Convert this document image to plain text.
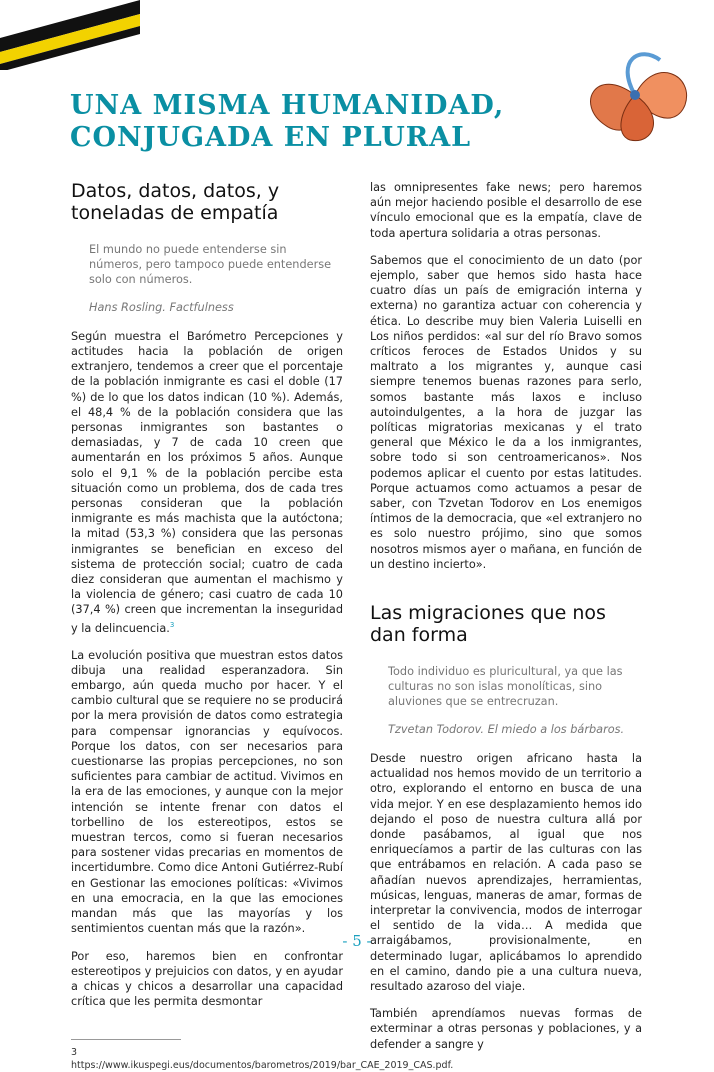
UNA MISMA HUMANIDAD, CONJUGADA EN PLURAL
Datos, datos, datos, y toneladas de empatía
El mundo no puede entenderse sin números, pero tampoco puede entenderse solo con números.
Hans Rosling. Factfulness

Según muestra el Barómetro Percepciones y actitudes hacia la población de origen extranjero, tendemos a creer que el porcentaje de la población inmigrante es casi el doble (17 %) de lo que los datos indican (10 %). Además, el 48,4 % de la población considera que las personas inmigrantes son bastantes o demasiadas, y 7 de cada 10 creen que aumentarán en los próximos 5 años. Aunque solo el 9,1 % de la población percibe esta situación como un problema, dos de cada tres personas consideran que la población inmigrante es más machista que la autóctona; la mitad (53,3 %) considera que las personas inmigrantes se benefician en exceso del sistema de protección social; cuatro de cada diez consideran que aumentan el machismo y la violencia de género; casi cuatro de cada 10 (37,4 %) creen que incrementan la inseguridad y la delincuencia.$^3$

La evolución positiva que muestran estos datos dibuja una realidad esperanzadora. Sin embargo, aún queda mucho por hacer. Y el cambio cultural que se requiere no se producirá por la mera provisión de datos como estrategia para compensar ignorancias y equívocos. Porque los datos, con ser necesarios para cuestionarse las propias percepciones, no son suficientes para cambiar de actitud. Vivimos en la era de las emociones, y aunque con la mejor intención se intente frenar con datos el torbellino de los estereotipos, estos se muestran tercos, como si fueran necesarios para sostener vidas precarias en momentos de incertidumbre. Como dice Antoni Gutiérrez-Rubí en Gestionar las emociones políticas: «Vivimos en una emocracia, en la que las emociones mandan más que las mayorías y los sentimientos cuentan más que la razón».

Por eso, haremos bien en confrontar estereotipos y prejuicios con datos, y en ayudar a chicas y chicos a desarrollar una capacidad crítica que les permita desmontar

3 https://www.ikuspegi.eus/documentos/barometros/2019/bar_CAE_2019_CAS.pdf.

las omnipresentes fake news; pero haremos aún mejor haciendo posible el desarrollo de ese vínculo emocional que es la empatía, clave de toda apertura solidaria a otras personas.

Sabemos que el conocimiento de un dato (por ejemplo, saber que hemos sido hasta hace cuatro días un país de emigración interna y externa) no garantiza actuar con coherencia y ética. Lo describe muy bien Valeria Luiselli en Los niños perdidos: «al sur del río Bravo somos críticos feroces de Estados Unidos y su maltrato a los migrantes y, aunque casi siempre tenemos buenas razones para serlo, somos bastante más laxos e incluso autoindulgentes, a la hora de juzgar las políticas migratorias mexicanas y el trato general que México le da a los inmigrantes, sobre todo si son centroamericanos». Nos podemos aplicar el cuento por estas latitudes. Porque actuamos como actuamos a pesar de saber, con Tzvetan Todorov en Los enemigos íntimos de la democracia, que «el extranjero no es solo nuestro prójimo, sino que somos nosotros mismos ayer o mañana, en función de un destino incierto».

Las migraciones que nos dan forma
Todo individuo es pluricultural, ya que las culturas no son islas monolíticas, sino aluviones que se entrecruzan.
Tzvetan Todorov. El miedo a los bárbaros.

Desde nuestro origen africano hasta la actualidad nos hemos movido de un territorio a otro, explorando el entorno en busca de una vida mejor. Y en ese desplazamiento hemos ido dejando el poso de nuestra cultura allá por donde pasábamos, al igual que nos enriquecíamos a partir de las culturas con las que entrábamos en relación. A cada paso se añadían nuevos aprendizajes, herramientas, músicas, lenguas, maneras de amar, formas de interpretar la convivencia, modos de interrogar el sentido de la vida… A medida que arraigábamos, provisionalmente, en determinado lugar, aplicábamos lo aprendido en el camino, dando pie a una cultura nueva, resultado azaroso del viaje.

También aprendíamos nuevas formas de exterminar a otras personas y poblaciones, y a defender a sangre y

- 5 -
